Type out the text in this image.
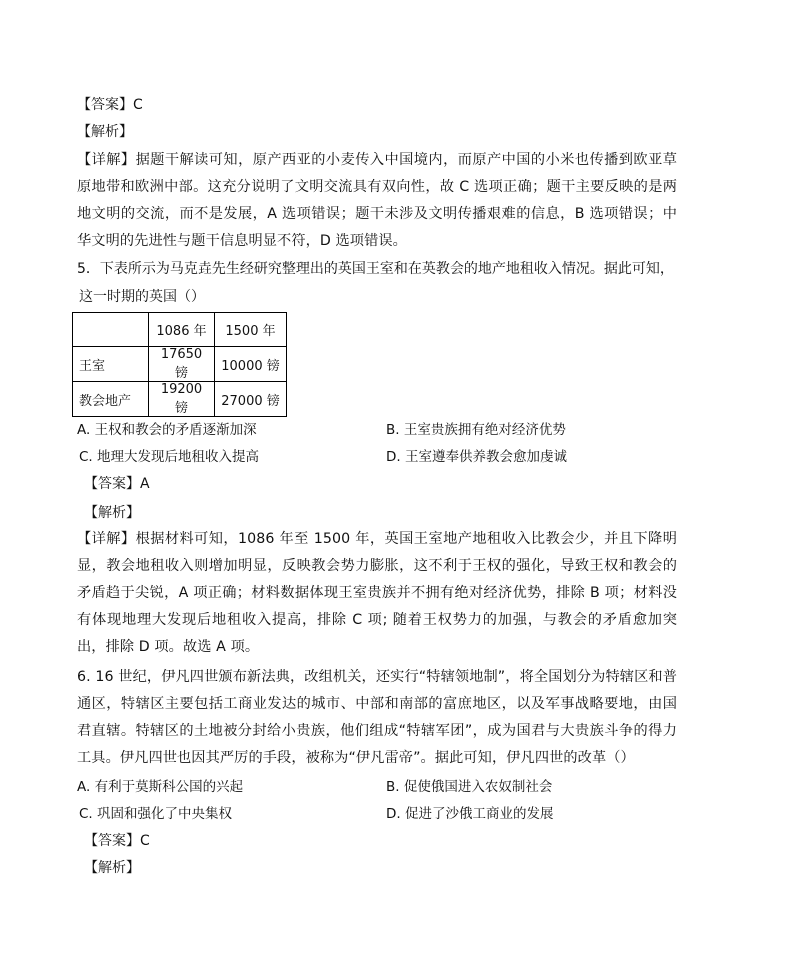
【答案】C
【解析】
【详解】据题干解读可知，原产西亚的小麦传入中国境内，而原产中国的小米也传播到欧亚草原地带和欧洲中部。这充分说明了文明交流具有双向性，故 C 选项正确；题干主要反映的是两地文明的交流，而不是发展，A 选项错误；题干未涉及文明传播艰难的信息，B 选项错误；中华文明的先进性与题干信息明显不符，D 选项错误。
5．下表所示为马克垚先生经研究整理出的英国王室和在英教会的地产地租收入情况。据此可知，
这一时期的英国（）
	1086 年	1500 年
王室	17650 镑	10000 镑
教会地产	19200 镑	27000 镑
A. 王权和教会的矛盾逐渐加深	B. 王室贵族拥有绝对经济优势
C. 地理大发现后地租收入提高	D. 王室遵奉供养教会愈加虔诚
【答案】A
【解析】
【详解】根据材料可知，1086 年至 1500 年，英国王室地产地租收入比教会少，并且下降明显，教会地租收入则增加明显，反映教会势力膨胀，这不利于王权的强化，导致王权和教会的矛盾趋于尖锐，A 项正确；材料数据体现王室贵族并不拥有绝对经济优势，排除 B 项；材料没有体现地理大发现后地租收入提高，排除 C 项; 随着王权势力的加强，与教会的矛盾愈加突出，排除 D 项。故选 A 项。
6. 16 世纪，伊凡四世颁布新法典，改组机关，还实行“特辖领地制”，将全国划分为特辖区和普通区，特辖区主要包括工商业发达的城市、中部和南部的富庶地区，以及军事战略要地，由国君直辖。特辖区的土地被分封给小贵族，他们组成“特辖军团”，成为国君与大贵族斗争的得力工具。伊凡四世也因其严厉的手段，被称为“伊凡雷帝”。据此可知，伊凡四世的改革（）
A. 有利于莫斯科公国的兴起	B. 促使俄国进入农奴制社会
C. 巩固和强化了中央集权	D. 促进了沙俄工商业的发展
【答案】C
【解析】
